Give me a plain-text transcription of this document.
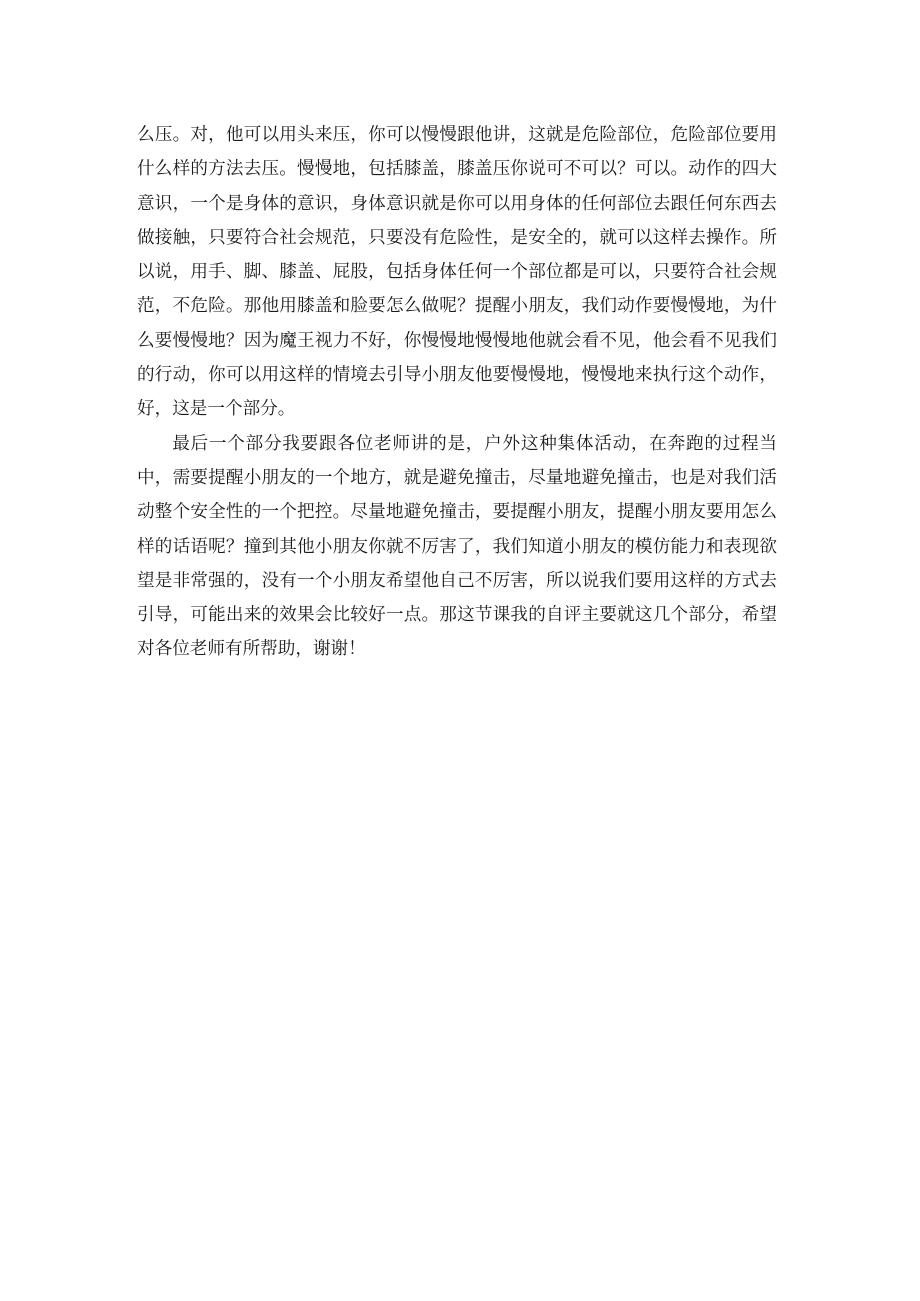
么压。对，他可以用头来压，你可以慢慢跟他讲，这就是危险部位，危险部位要用什么样的方法去压。慢慢地，包括膝盖，膝盖压你说可不可以？可以。动作的四大意识，一个是身体的意识，身体意识就是你可以用身体的任何部位去跟任何东西去做接触，只要符合社会规范，只要没有危险性，是安全的，就可以这样去操作。所以说，用手、脚、膝盖、屁股，包括身体任何一个部位都是可以，只要符合社会规范，不危险。那他用膝盖和脸要怎么做呢？提醒小朋友，我们动作要慢慢地，为什么要慢慢地？因为魔王视力不好，你慢慢地慢慢地他就会看不见，他会看不见我们的行动，你可以用这样的情境去引导小朋友他要慢慢地，慢慢地来执行这个动作，好，这是一个部分。

最后一个部分我要跟各位老师讲的是，户外这种集体活动，在奔跑的过程当中，需要提醒小朋友的一个地方，就是避免撞击，尽量地避免撞击，也是对我们活动整个安全性的一个把控。尽量地避免撞击，要提醒小朋友，提醒小朋友要用怎么样的话语呢？撞到其他小朋友你就不厉害了，我们知道小朋友的模仿能力和表现欲望是非常强的，没有一个小朋友希望他自己不厉害，所以说我们要用这样的方式去引导，可能出来的效果会比较好一点。那这节课我的自评主要就这几个部分，希望对各位老师有所帮助，谢谢！
